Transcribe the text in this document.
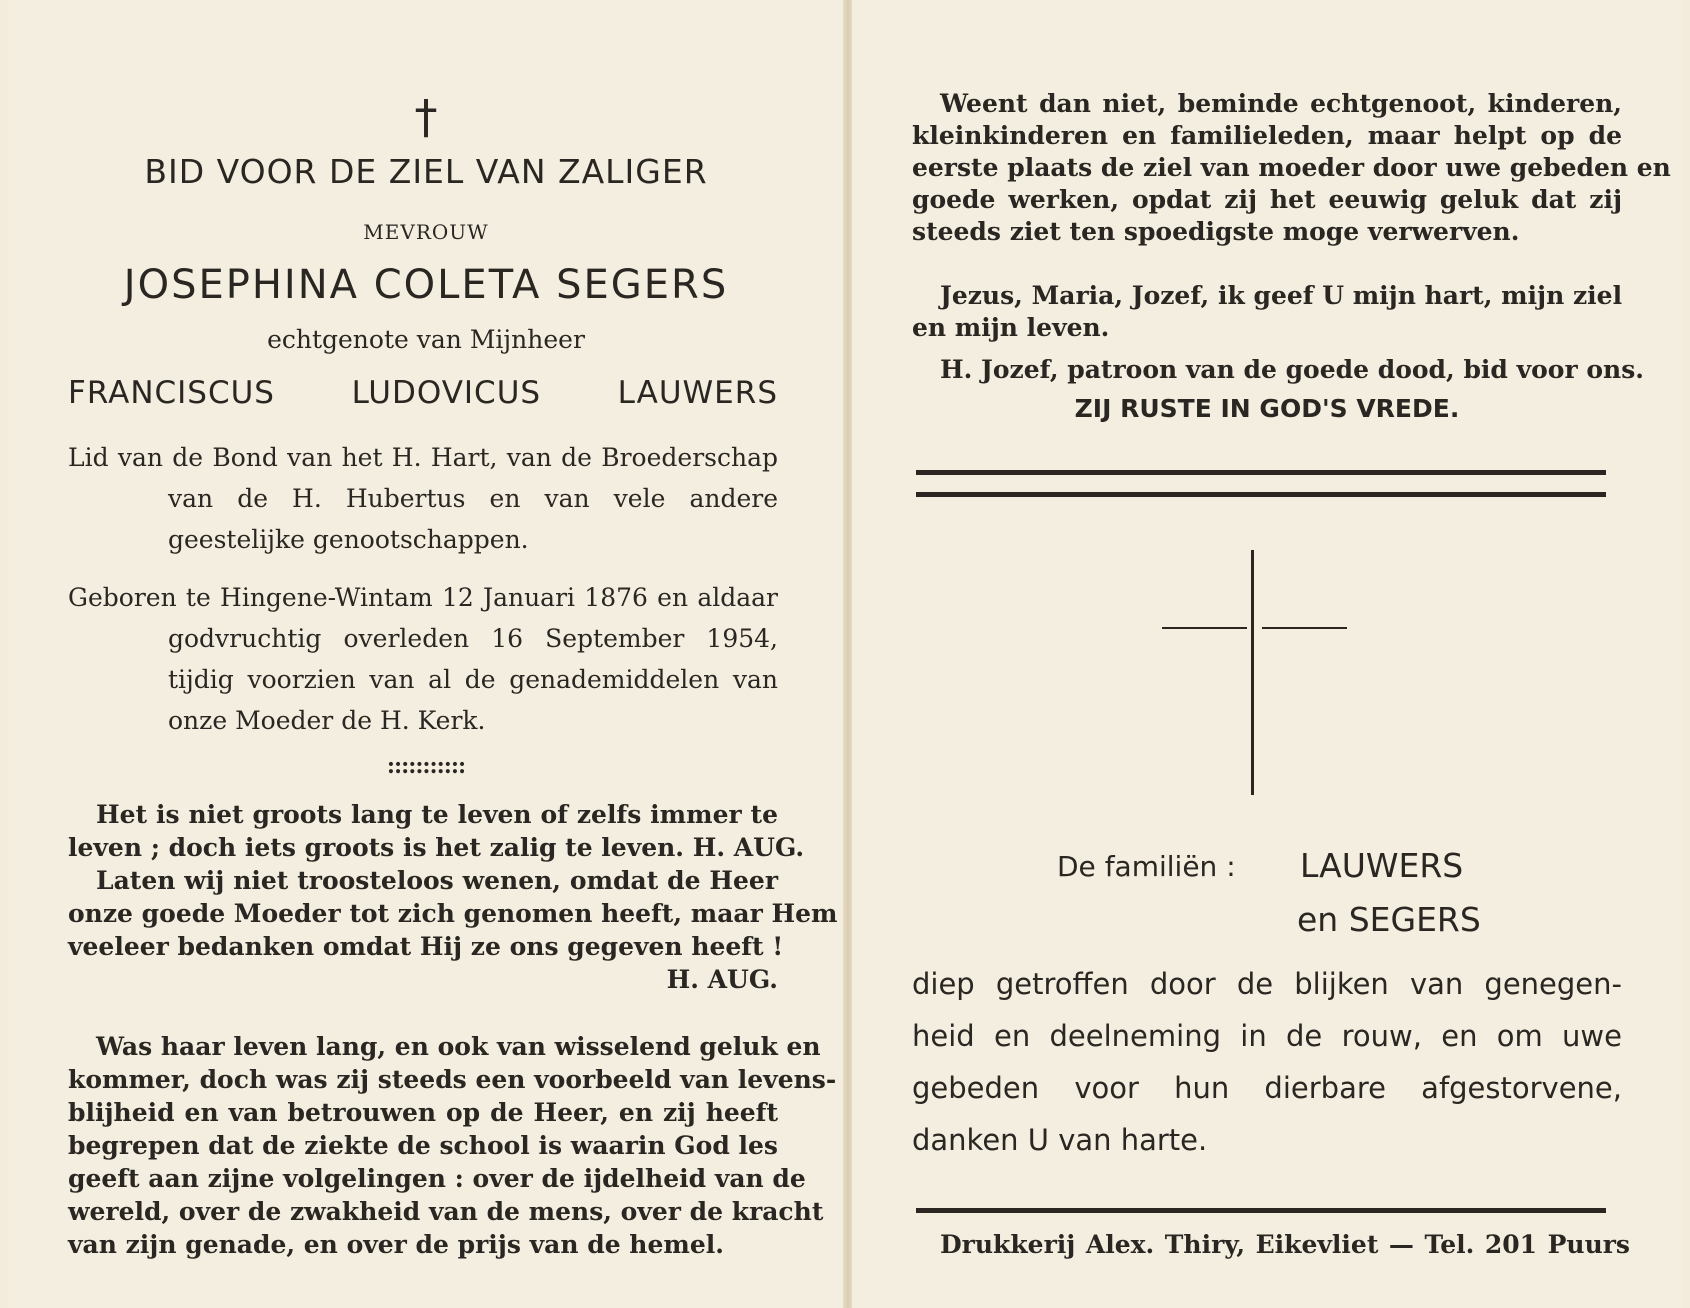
†
BID VOOR DE ZIEL VAN ZALIGER
MEVROUW
JOSEPHINA COLETA SEGERS
echtgenote van Mijnheer
FRANCISCUS LUDOVICUS LAUWERS
Lid van de Bond van het H. Hart, van de Broederschap
van de H. Hubertus en van vele andere
geestelijke genootschappen.
Geboren te Hingene-Wintam 12 Januari 1876 en aldaar
godvruchtig overleden 16 September 1954,
tijdig voorzien van al de genademiddelen van
onze Moeder de H. Kerk.
:::::::::::
Het is niet groots lang te leven of zelfs immer te
leven ; doch iets groots is het zalig te leven. H. AUG.
Laten wij niet troosteloos wenen, omdat de Heer
onze goede Moeder tot zich genomen heeft, maar Hem
veeleer bedanken omdat Hij ze ons gegeven heeft !
H. AUG.
Was haar leven lang, en ook van wisselend geluk en
kommer, doch was zij steeds een voorbeeld van levens-
blijheid en van betrouwen op de Heer, en zij heeft
begrepen dat de ziekte de school is waarin God les
geeft aan zijne volgelingen : over de ijdelheid van de
wereld, over de zwakheid van de mens, over de kracht
van zijn genade, en over de prijs van de hemel.
Weent dan niet, beminde echtgenoot, kinderen,
kleinkinderen en familieleden, maar helpt op de
eerste plaats de ziel van moeder door uwe gebeden en
goede werken, opdat zij het eeuwig geluk dat zij
steeds ziet ten spoedigste moge verwerven.
Jezus, Maria, Jozef, ik geef U mijn hart, mijn ziel
en mijn leven.
H. Jozef, patroon van de goede dood, bid voor ons.
ZIJ RUSTE IN GOD'S VREDE.
De familiën : LAUWERS
en SEGERS
diep getroffen door de blijken van genegen-
heid en deelneming in de rouw, en om uwe
gebeden voor hun dierbare afgestorvene,
danken U van harte.
Drukkerij Alex. Thiry, Eikevliet — Tel. 201 Puurs
